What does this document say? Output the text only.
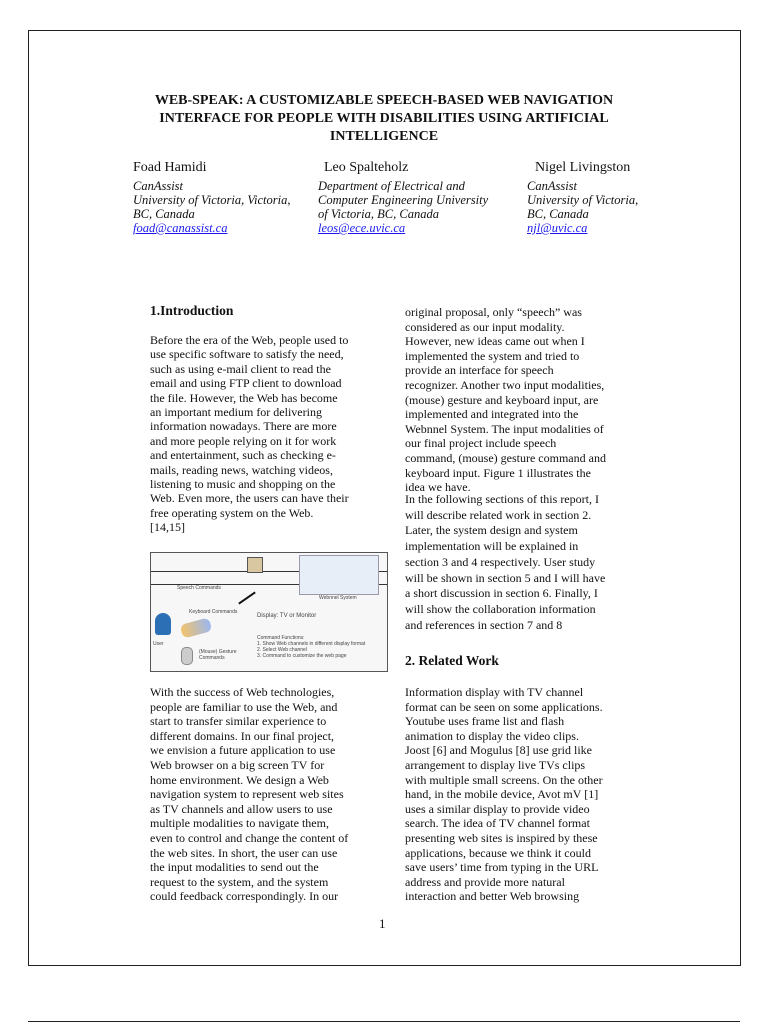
WEB-SPEAK: A CUSTOMIZABLE SPEECH-BASED WEB NAVIGATION
INTERFACE FOR PEOPLE WITH DISABILITIES USING ARTIFICIAL
INTELLIGENCE
Foad Hamidi
CanAssist
University of Victoria, Victoria,
BC, Canada
foad@canassist.ca
Leo Spalteholz
Department of Electrical and
Computer Engineering University
of Victoria, BC, Canada
leos@ece.uvic.ca
Nigel Livingston
CanAssist
University of Victoria,
BC, Canada
njl@uvic.ca
1.Introduction
Before the era of the Web, people used to
use specific software to satisfy the need,
such as using e-mail client to read the
email and using FTP client to download
the file. However, the Web has become
an important medium for delivering
information nowadays. There are more
and more people relying on it for work
and entertainment, such as checking e-
mails, reading news, watching videos,
listening to music and shopping on the
Web. Even more, the users can have their
free operating system on the Web.
[14,15]
Speech Commands
Keyboard Commands
User
(Mouse) Gesture Commands
Display: TV or Monitor
Webnnel System
Command Functions:
1. Show Web channels in different display format
2. Select Web channel
3. Command to customize the web page
With the success of Web technologies,
people are familiar to use the Web, and
start to transfer similar experience to
different domains. In our final project,
we envision a future application to use
Web browser on a big screen TV for
home environment. We design a Web
navigation system to represent web sites
as TV channels and allow users to use
multiple modalities to navigate them,
even to control and change the content of
the web sites. In short, the user can use
the input modalities to send out the
request to the system, and the system
could feedback correspondingly. In our
original proposal, only “speech” was
considered as our input modality.
However, new ideas came out when I
implemented the system and tried to
provide an interface for speech
recognizer. Another two input modalities,
(mouse) gesture and keyboard input, are
implemented and integrated into the
Webnnel System. The input modalities of
our final project include speech
command, (mouse) gesture command and
keyboard input. Figure 1 illustrates the
idea we have.
In the following sections of this report, I
will describe related work in section 2.
Later, the system design and system
implementation will be explained in
section 3 and 4 respectively. User study
will be shown in section 5 and I will have
a short discussion in section 6. Finally, I
will show the collaboration information
and references in section 7 and 8
2. Related Work
Information display with TV channel
format can be seen on some applications.
Youtube uses frame list and flash
animation to display the video clips.
Joost [6] and Mogulus [8] use grid like
arrangement to display live TVs clips
with multiple small screens. On the other
hand, in the mobile device, Avot mV [1]
uses a similar display to provide video
search. The idea of TV channel format
presenting web sites is inspired by these
applications, because we think it could
save users’ time from typing in the URL
address and provide more natural
interaction and better Web browsing
1
